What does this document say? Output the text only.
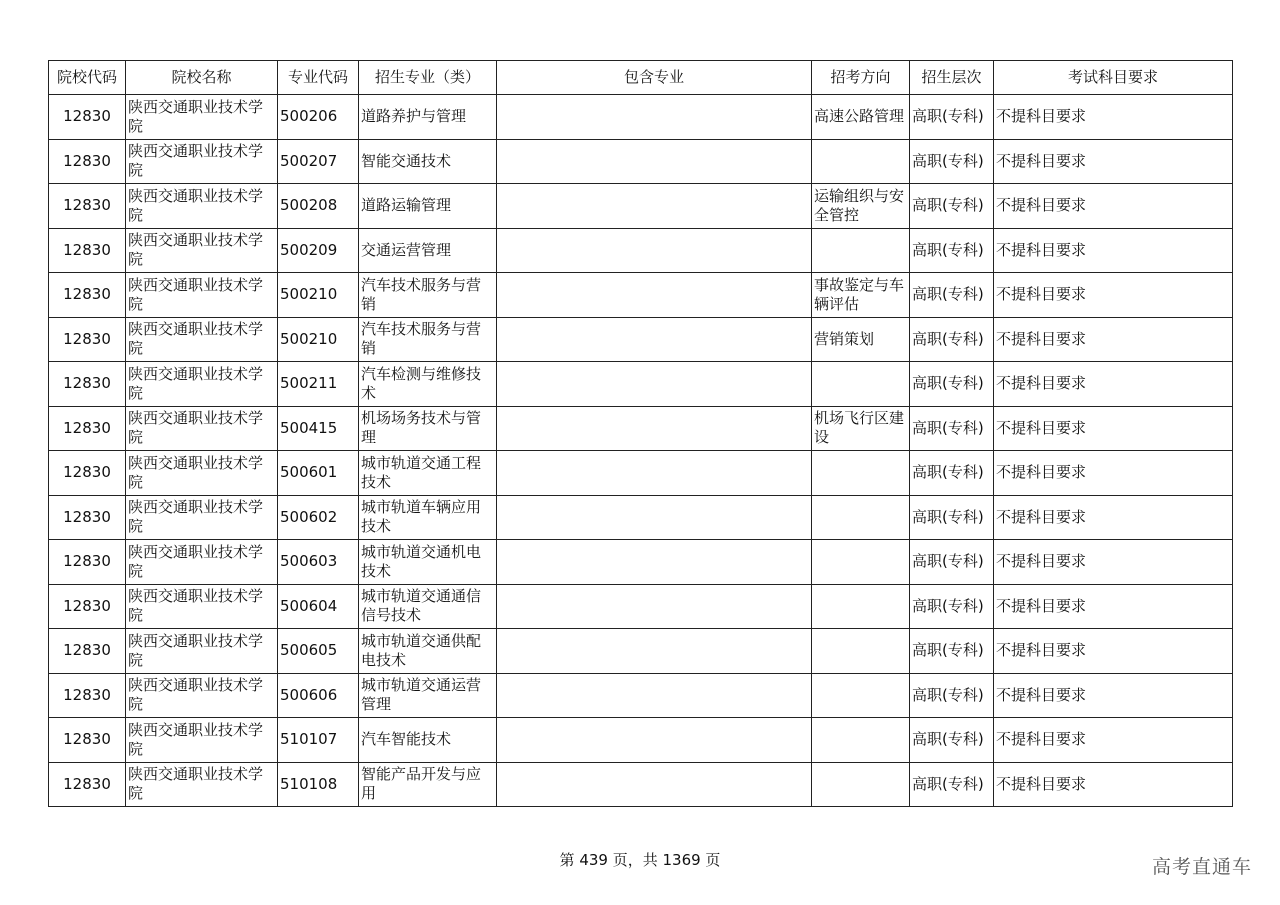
院校代码	院校名称	专业代码	招生专业（类）	包含专业	招考方向	招生层次	考试科目要求
12830	陕西交通职业技术学院	500206	道路养护与管理		高速公路管理	高职(专科)	不提科目要求
12830	陕西交通职业技术学院	500207	智能交通技术			高职(专科)	不提科目要求
12830	陕西交通职业技术学院	500208	道路运输管理		运输组织与安全管控	高职(专科)	不提科目要求
12830	陕西交通职业技术学院	500209	交通运营管理			高职(专科)	不提科目要求
12830	陕西交通职业技术学院	500210	汽车技术服务与营销		事故鉴定与车辆评估	高职(专科)	不提科目要求
12830	陕西交通职业技术学院	500210	汽车技术服务与营销		营销策划	高职(专科)	不提科目要求
12830	陕西交通职业技术学院	500211	汽车检测与维修技术			高职(专科)	不提科目要求
12830	陕西交通职业技术学院	500415	机场场务技术与管理		机场飞行区建设	高职(专科)	不提科目要求
12830	陕西交通职业技术学院	500601	城市轨道交通工程技术			高职(专科)	不提科目要求
12830	陕西交通职业技术学院	500602	城市轨道车辆应用技术			高职(专科)	不提科目要求
12830	陕西交通职业技术学院	500603	城市轨道交通机电技术			高职(专科)	不提科目要求
12830	陕西交通职业技术学院	500604	城市轨道交通通信信号技术			高职(专科)	不提科目要求
12830	陕西交通职业技术学院	500605	城市轨道交通供配电技术			高职(专科)	不提科目要求
12830	陕西交通职业技术学院	500606	城市轨道交通运营管理			高职(专科)	不提科目要求
12830	陕西交通职业技术学院	510107	汽车智能技术			高职(专科)	不提科目要求
12830	陕西交通职业技术学院	510108	智能产品开发与应用			高职(专科)	不提科目要求
第 439 页，共 1369 页	高考直通车
